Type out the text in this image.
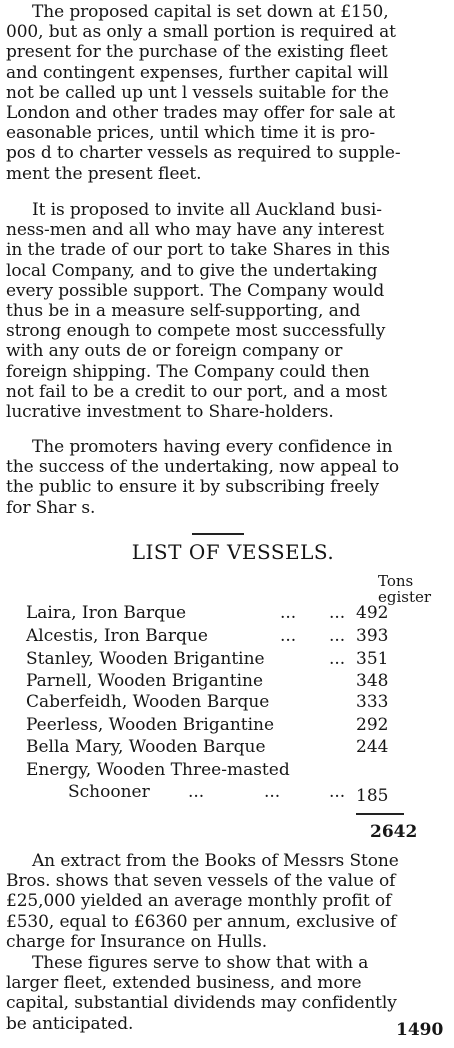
The proposed capital is set down at £150,
000, but as only a small portion is required at
present for the purchase of the existing fleet
and contingent expenses, further capital will
not be called up unt l vessels suitable for the
London and other trades may offer for sale at
easonable prices, until which time it is pro-
pos d to charter vessels as required to supple-
ment the present fleet.
It is proposed to invite all Auckland busi-
ness-men and all who may have any interest
in the trade of our port to take Shares in this
local Company, and to give the undertaking
every possible support. The Company would
thus be in a measure self-supporting, and
strong enough to compete most successfully
with any outs de or foreign company or
foreign shipping. The Company could then
not fail to be a credit to our port, and a most
lucrative investment to Share-holders.
The promoters having every confidence in
the success of the undertaking, now appeal to
the public to ensure it by subscribing freely
for Shar s.
LIST OF VESSELS.
Tons
egister
Laira, Iron Barque	... ... 492
Alcestis, Iron Barque	... ... 393
Stanley, Wooden Brigantine	... 351
Parnell, Wooden Brigantine	348
Caberfeidh, Wooden Barque	333
Peerless, Wooden Brigantine	292
Bella Mary, Wooden Barque	244
Energy, Wooden Three-masted
Schooner ...	...	... 185
2642
An extract from the Books of Messrs Stone
Bros. shows that seven vessels of the value of
£25,000 yielded an average monthly profit of
£530, equal to £6360 per annum, exclusive of
charge for Insurance on Hulls.
These figures serve to show that with a
larger fleet, extended business, and more
capital, substantial dividends may confidently
be anticipated.	1490
